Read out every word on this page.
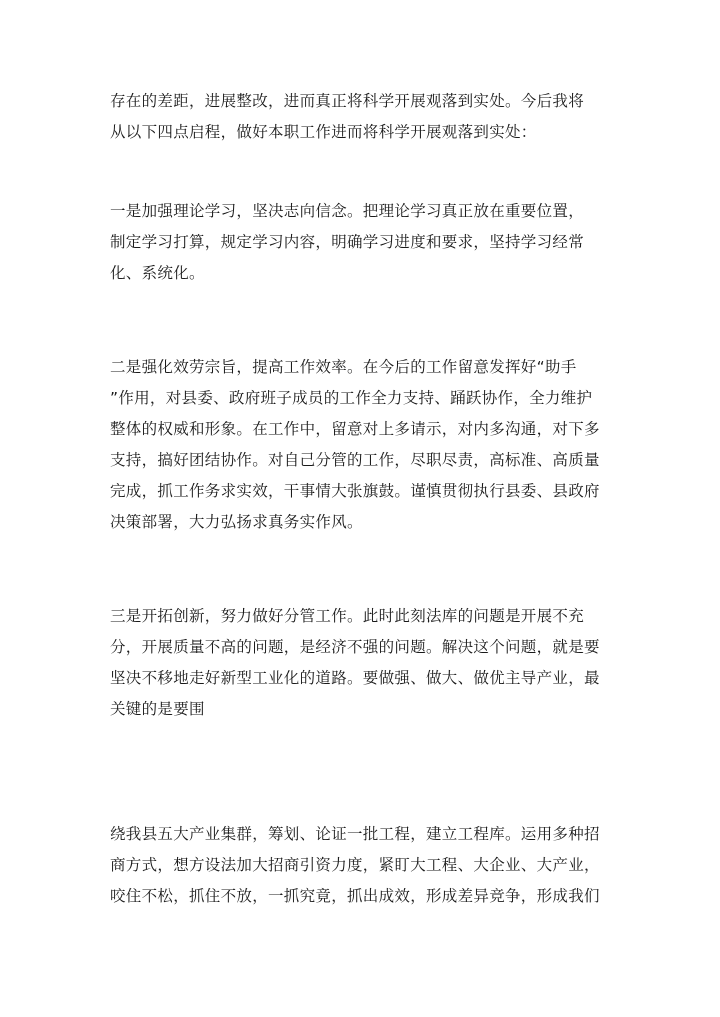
存在的差距，进展整改，进而真正将科学开展观落到实处。今后我将
从以下四点启程，做好本职工作进而将科学开展观落到实处：

一是加强理论学习，坚决志向信念。把理论学习真正放在重要位置，
制定学习打算，规定学习内容，明确学习进度和要求，坚持学习经常
化、系统化。

二是强化效劳宗旨，提高工作效率。在今后的工作留意发挥好“助手
”作用，对县委、政府班子成员的工作全力支持、踊跃协作，全力维护
整体的权威和形象。在工作中，留意对上多请示，对内多沟通，对下多
支持，搞好团结协作。对自己分管的工作，尽职尽责，高标准、高质量
完成，抓工作务求实效，干事情大张旗鼓。谨慎贯彻执行县委、县政府
决策部署，大力弘扬求真务实作风。

三是开拓创新，努力做好分管工作。此时此刻法库的问题是开展不充
分，开展质量不高的问题，是经济不强的问题。解决这个问题，就是要
坚决不移地走好新型工业化的道路。要做强、做大、做优主导产业，最
关键的是要围

绕我县五大产业集群，筹划、论证一批工程，建立工程库。运用多种招
商方式，想方设法加大招商引资力度，紧盯大工程、大企业、大产业，
咬住不松，抓住不放，一抓究竟，抓出成效，形成差异竞争，形成我们
